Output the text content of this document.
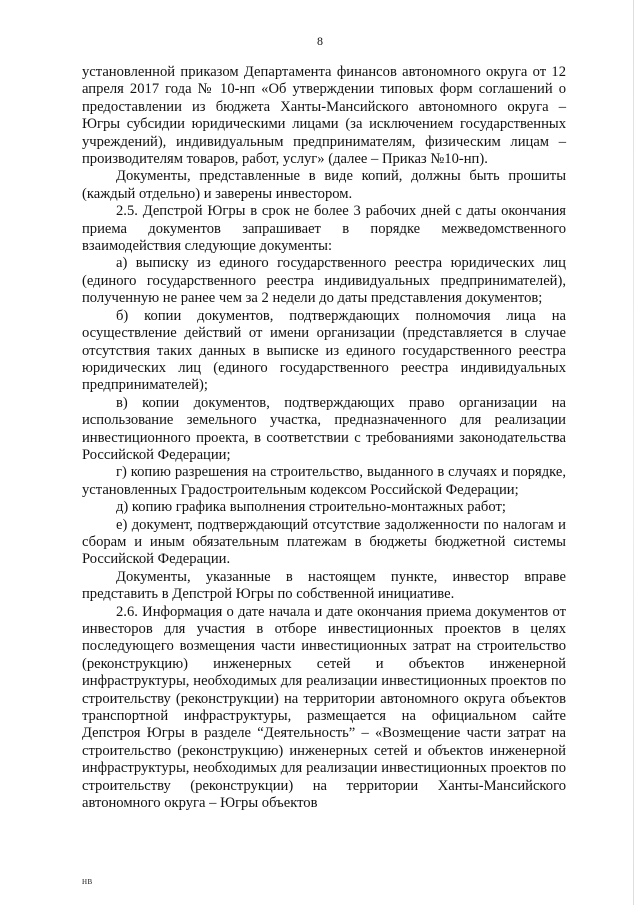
8

установленной приказом Департамента финансов автономного округа от 12 апреля 2017 года № 10-нп «Об утверждении типовых форм соглашений о предоставлении из бюджета Ханты-Мансийского автономного округа – Югры субсидии юридическими лицами (за исключением государственных учреждений), индивидуальным предпринимателям, физическим лицам – производителям товаров, работ, услуг» (далее – Приказ №10-нп).

Документы, представленные в виде копий, должны быть прошиты (каждый отдельно) и заверены инвестором.

2.5. Депстрой Югры в срок не более 3 рабочих дней с даты окончания приема документов запрашивает в порядке межведомственного взаимодействия следующие документы:

а) выписку из единого государственного реестра юридических лиц (единого государственного реестра индивидуальных предпринимателей), полученную не ранее чем за 2 недели до даты представления документов;

б) копии документов, подтверждающих полномочия лица на осуществление действий от имени организации (представляется в случае отсутствия таких данных в выписке из единого государственного реестра юридических лиц (единого государственного реестра индивидуальных предпринимателей);

в) копии документов, подтверждающих право организации на использование земельного участка, предназначенного для реализации инвестиционного проекта, в соответствии с требованиями законодательства Российской Федерации;

г) копию разрешения на строительство, выданного в случаях и порядке, установленных Градостроительным кодексом Российской Федерации;

д) копию графика выполнения строительно-монтажных работ;

е) документ, подтверждающий отсутствие задолженности по налогам и сборам и иным обязательным платежам в бюджеты бюджетной системы Российской Федерации.

Документы, указанные в настоящем пункте, инвестор вправе представить в Депстрой Югры по собственной инициативе.

2.6. Информация о дате начала и дате окончания приема документов от инвесторов для участия в отборе инвестиционных проектов в целях последующего возмещения части инвестиционных затрат на строительство (реконструкцию) инженерных сетей и объектов инженерной инфраструктуры, необходимых для реализации инвестиционных проектов по строительству (реконструкции) на территории автономного округа объектов транспортной инфраструктуры, размещается на официальном сайте Депстроя Югры в разделе “Деятельность” – «Возмещение части затрат на строительство (реконструкцию) инженерных сетей и объектов инженерной инфраструктуры, необходимых для реализации инвестиционных проектов по строительству (реконструкции) на территории Ханты-Мансийского автономного округа – Югры объектов

НВ
